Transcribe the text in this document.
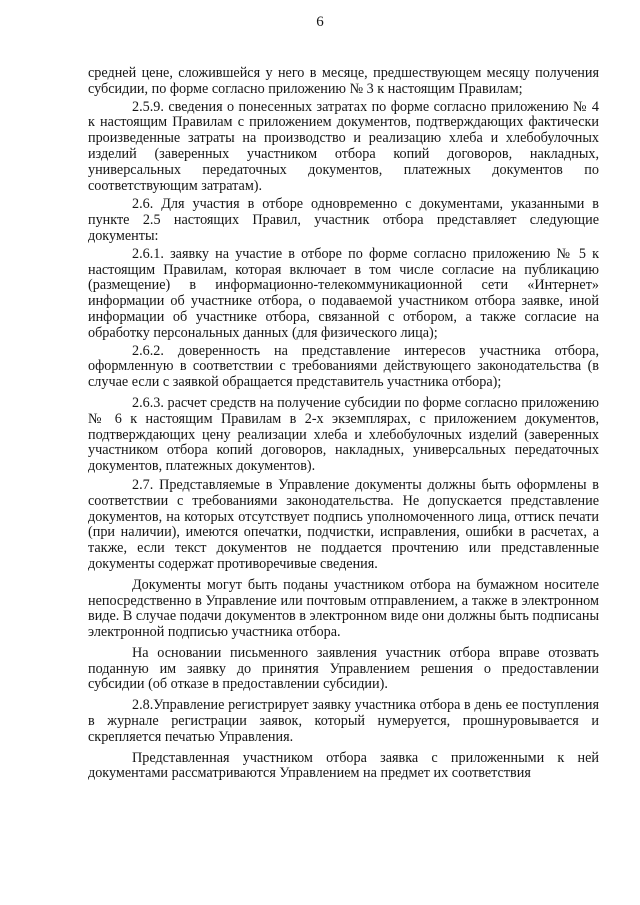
6

средней цене, сложившейся у него в месяце, предшествующем месяцу получения субсидии, по форме согласно приложению № 3 к настоящим Правилам;

2.5.9. сведения о понесенных затратах по форме согласно приложению № 4 к настоящим Правилам с приложением документов, подтверждающих фактически произведенные затраты на производство и реализацию хлеба и хлебобулочных изделий (заверенных участником отбора копий договоров, накладных, универсальных передаточных документов, платежных документов по соответствующим затратам).

2.6. Для участия в отборе одновременно с документами, указанными в пункте 2.5 настоящих Правил, участник отбора представляет следующие документы:

2.6.1. заявку на участие в отборе по форме согласно приложению № 5 к настоящим Правилам, которая включает в том числе согласие на публикацию (размещение) в информационно-телекоммуникационной сети «Интернет» информации об участнике отбора, о подаваемой участником отбора заявке, иной информации об участнике отбора, связанной с отбором, а также согласие на обработку персональных данных (для физического лица);

2.6.2. доверенность на представление интересов участника отбора, оформленную в соответствии с требованиями действующего законодательства (в случае если с заявкой обращается представитель участника отбора);

2.6.3. расчет средств на получение субсидии по форме согласно приложению № 6 к настоящим Правилам в 2-х экземплярах, с приложением документов, подтверждающих цену реализации хлеба и хлебобулочных изделий (заверенных участником отбора копий договоров, накладных, универсальных передаточных документов, платежных документов).

2.7. Представляемые в Управление документы должны быть оформлены в соответствии с требованиями законодательства. Не допускается представление документов, на которых отсутствует подпись уполномоченного лица, оттиск печати (при наличии), имеются опечатки, подчистки, исправления, ошибки в расчетах, а также, если текст документов не поддается прочтению или представленные документы содержат противоречивые сведения.

Документы могут быть поданы участником отбора на бумажном носителе непосредственно в Управление или почтовым отправлением, а также в электронном виде. В случае подачи документов в электронном виде они должны быть подписаны электронной подписью участника отбора.

На основании письменного заявления участник отбора вправе отозвать поданную им заявку до принятия Управлением решения о предоставлении субсидии (об отказе в предоставлении субсидии).

2.8.Управление регистрирует заявку участника отбора в день ее поступления в журнале регистрации заявок, который нумеруется, прошнуровывается и скрепляется печатью Управления.

Представленная участником отбора заявка с приложенными к ней документами рассматриваются Управлением на предмет их соответствия
